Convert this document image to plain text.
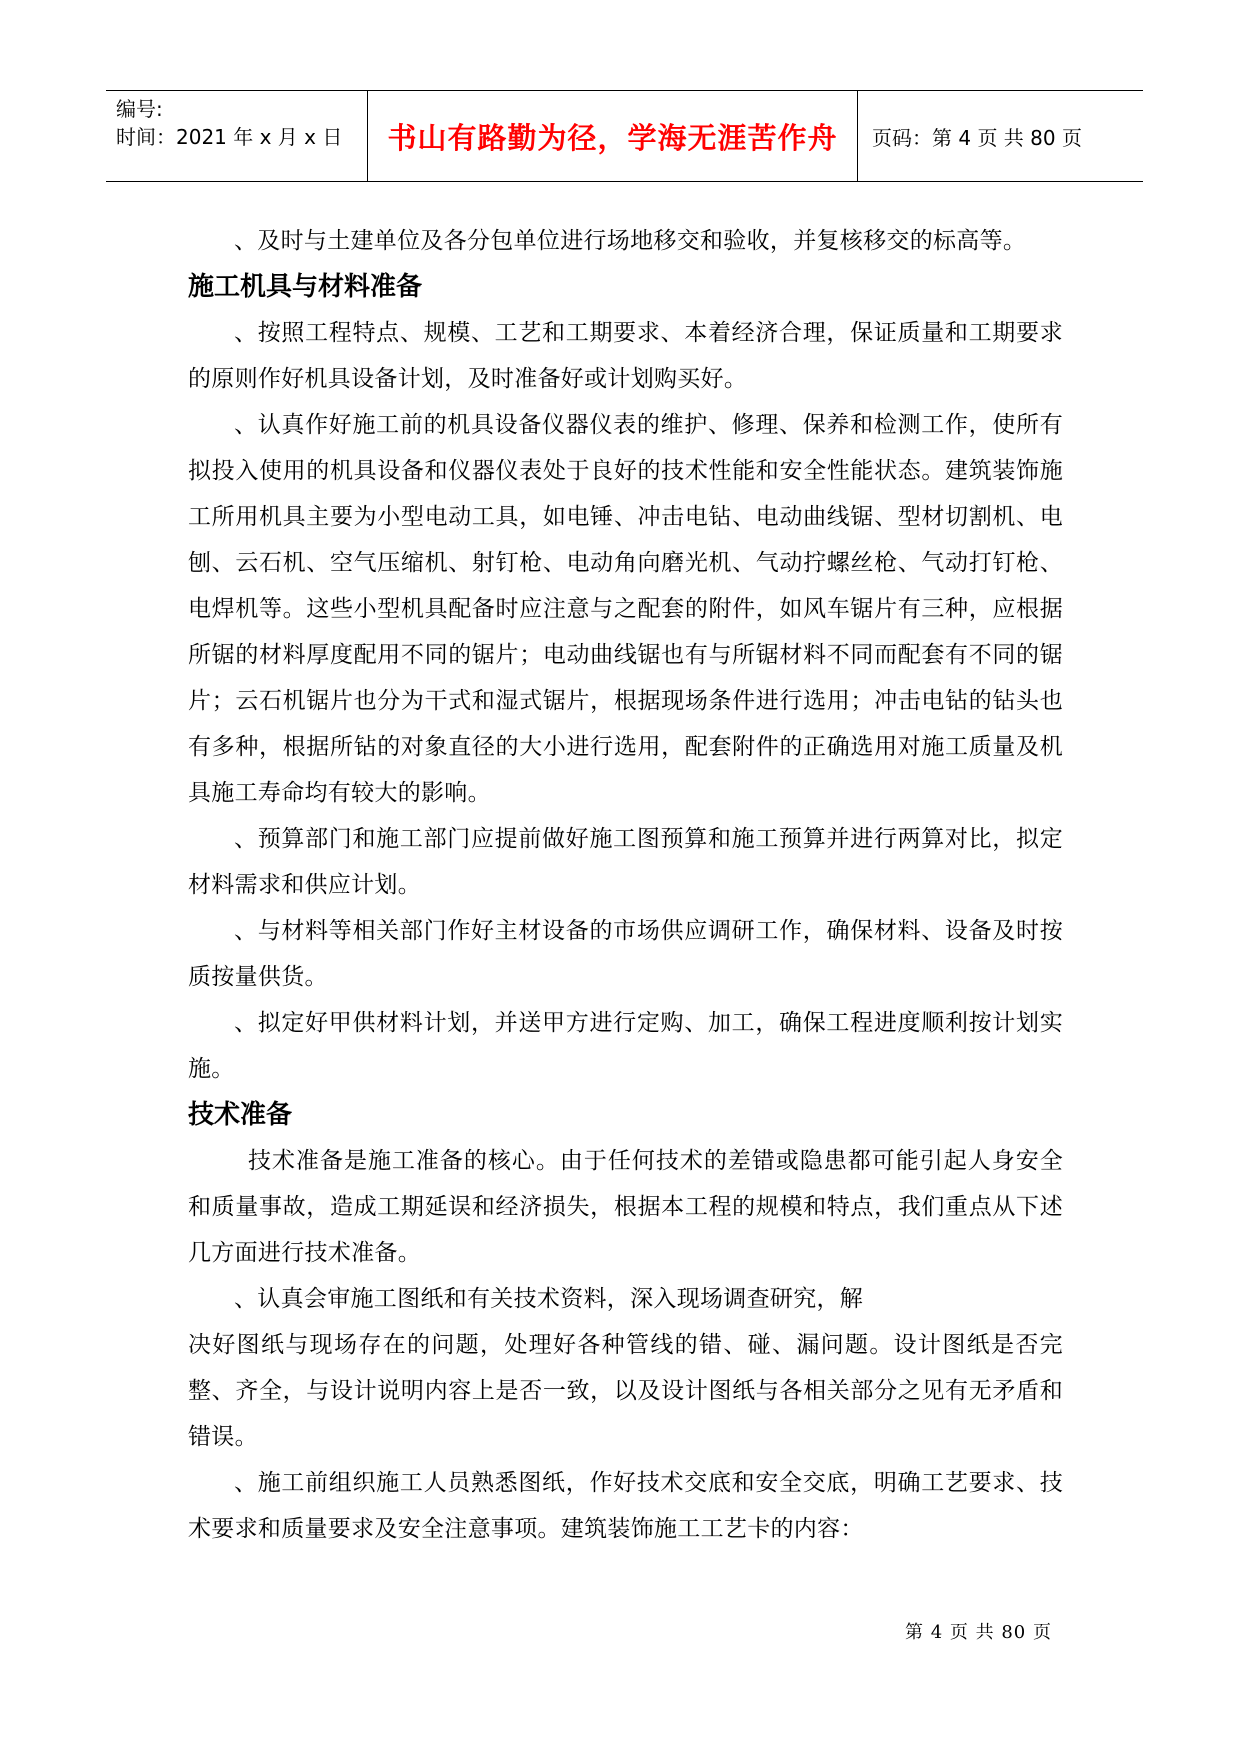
编号:
时间：2021 年 x 月 x 日	书山有路勤为径，学海无涯苦作舟	页码：第 4 页 共 80 页

、及时与土建单位及各分包单位进行场地移交和验收，并复核移交的标高等。

施工机具与材料准备

、按照工程特点、规模、工艺和工期要求、本着经济合理，保证质量和工期要求的原则作好机具设备计划，及时准备好或计划购买好。

、认真作好施工前的机具设备仪器仪表的维护、修理、保养和检测工作，使所有拟投入使用的机具设备和仪器仪表处于良好的技术性能和安全性能状态。建筑装饰施工所用机具主要为小型电动工具，如电锤、冲击电钻、电动曲线锯、型材切割机、电刨、云石机、空气压缩机、射钉枪、电动角向磨光机、气动拧螺丝枪、气动打钉枪、电焊机等。这些小型机具配备时应注意与之配套的附件，如风车锯片有三种，应根据所锯的材料厚度配用不同的锯片；电动曲线锯也有与所锯材料不同而配套有不同的锯片；云石机锯片也分为干式和湿式锯片，根据现场条件进行选用；冲击电钻的钻头也有多种，根据所钻的对象直径的大小进行选用，配套附件的正确选用对施工质量及机具施工寿命均有较大的影响。

、预算部门和施工部门应提前做好施工图预算和施工预算并进行两算对比，拟定材料需求和供应计划。

、与材料等相关部门作好主材设备的市场供应调研工作，确保材料、设备及时按质按量供货。

、拟定好甲供材料计划，并送甲方进行定购、加工，确保工程进度顺利按计划实施。

技术准备

技术准备是施工准备的核心。由于任何技术的差错或隐患都可能引起人身安全和质量事故，造成工期延误和经济损失，根据本工程的规模和特点，我们重点从下述几方面进行技术准备。

、认真会审施工图纸和有关技术资料，深入现场调查研究，解

决好图纸与现场存在的问题，处理好各种管线的错、碰、漏问题。设计图纸是否完整、齐全，与设计说明内容上是否一致，以及设计图纸与各相关部分之见有无矛盾和错误。

、施工前组织施工人员熟悉图纸，作好技术交底和安全交底，明确工艺要求、技术要求和质量要求及安全注意事项。建筑装饰施工工艺卡的内容：

第 4 页 共 80 页
